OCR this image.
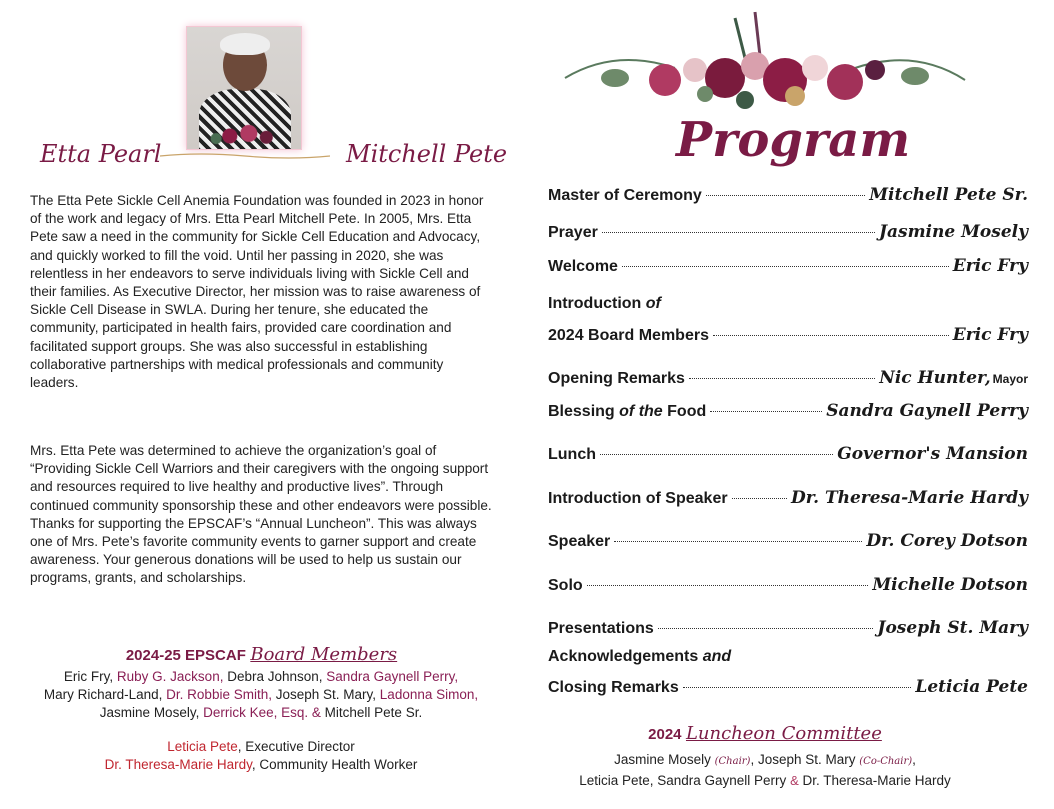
Etta Pearl	Mitchell Pete

The Etta Pete Sickle Cell Anemia Foundation was founded in 2023 in honor of the work and legacy of Mrs. Etta Pearl Mitchell Pete. In 2005, Mrs. Etta Pete saw a need in the community for Sickle Cell Education and Advocacy, and quickly worked to fill the void. Until her passing in 2020, she was relentless in her endeavors to serve individuals living with Sickle Cell and their families. As Executive Director, her mission was to raise awareness of Sickle Cell Disease in SWLA. During her tenure, she educated the community, participated in health fairs, provided care coordination and facilitated support groups. She was also successful in establishing collaborative partnerships with medical professionals and community leaders.

Mrs. Etta Pete was determined to achieve the organization’s goal of “Providing Sickle Cell Warriors and their caregivers with the ongoing support and resources required to live healthy and productive lives”. Through continued community sponsorship these and other endeavors were possible. Thanks for supporting the EPSCAF’s “Annual Luncheon”. This was always one of Mrs. Pete’s favorite community events to garner support and create awareness. Your generous donations will be used to help us sustain our programs, grants, and scholarships.

2024-25 EPSCAF Board Members
Eric Fry, Ruby G. Jackson, Debra Johnson, Sandra Gaynell Perry,
Mary Richard-Land, Dr. Robbie Smith, Joseph St. Mary, Ladonna Simon, Jasmine Mosely, Derrick Kee, Esq. & Mitchell Pete Sr.
Leticia Pete, Executive Director
Dr. Theresa-Marie Hardy, Community Health Worker
Program
Master of Ceremony	Mitchell Pete Sr.
Prayer	Jasmine Mosely
Welcome	Eric Fry
Introduction
of
2024 Board Members	Eric Fry
Opening Remarks	Nic Hunter, Mayor
Blessing
of the
Food	Sandra Gaynell Perry
Lunch	Governor's Mansion
Introduction of Speaker	Dr. Theresa-Marie Hardy
Speaker	Dr. Corey Dotson
Solo	Michelle Dotson
Presentations	Joseph St. Mary
Acknowledgements
and
Closing Remarks	Leticia Pete
2024 Luncheon Committee
Jasmine Mosely (Chair), Joseph St. Mary (Co-Chair),
Leticia Pete, Sandra Gaynell Perry & Dr. Theresa-Marie Hardy
